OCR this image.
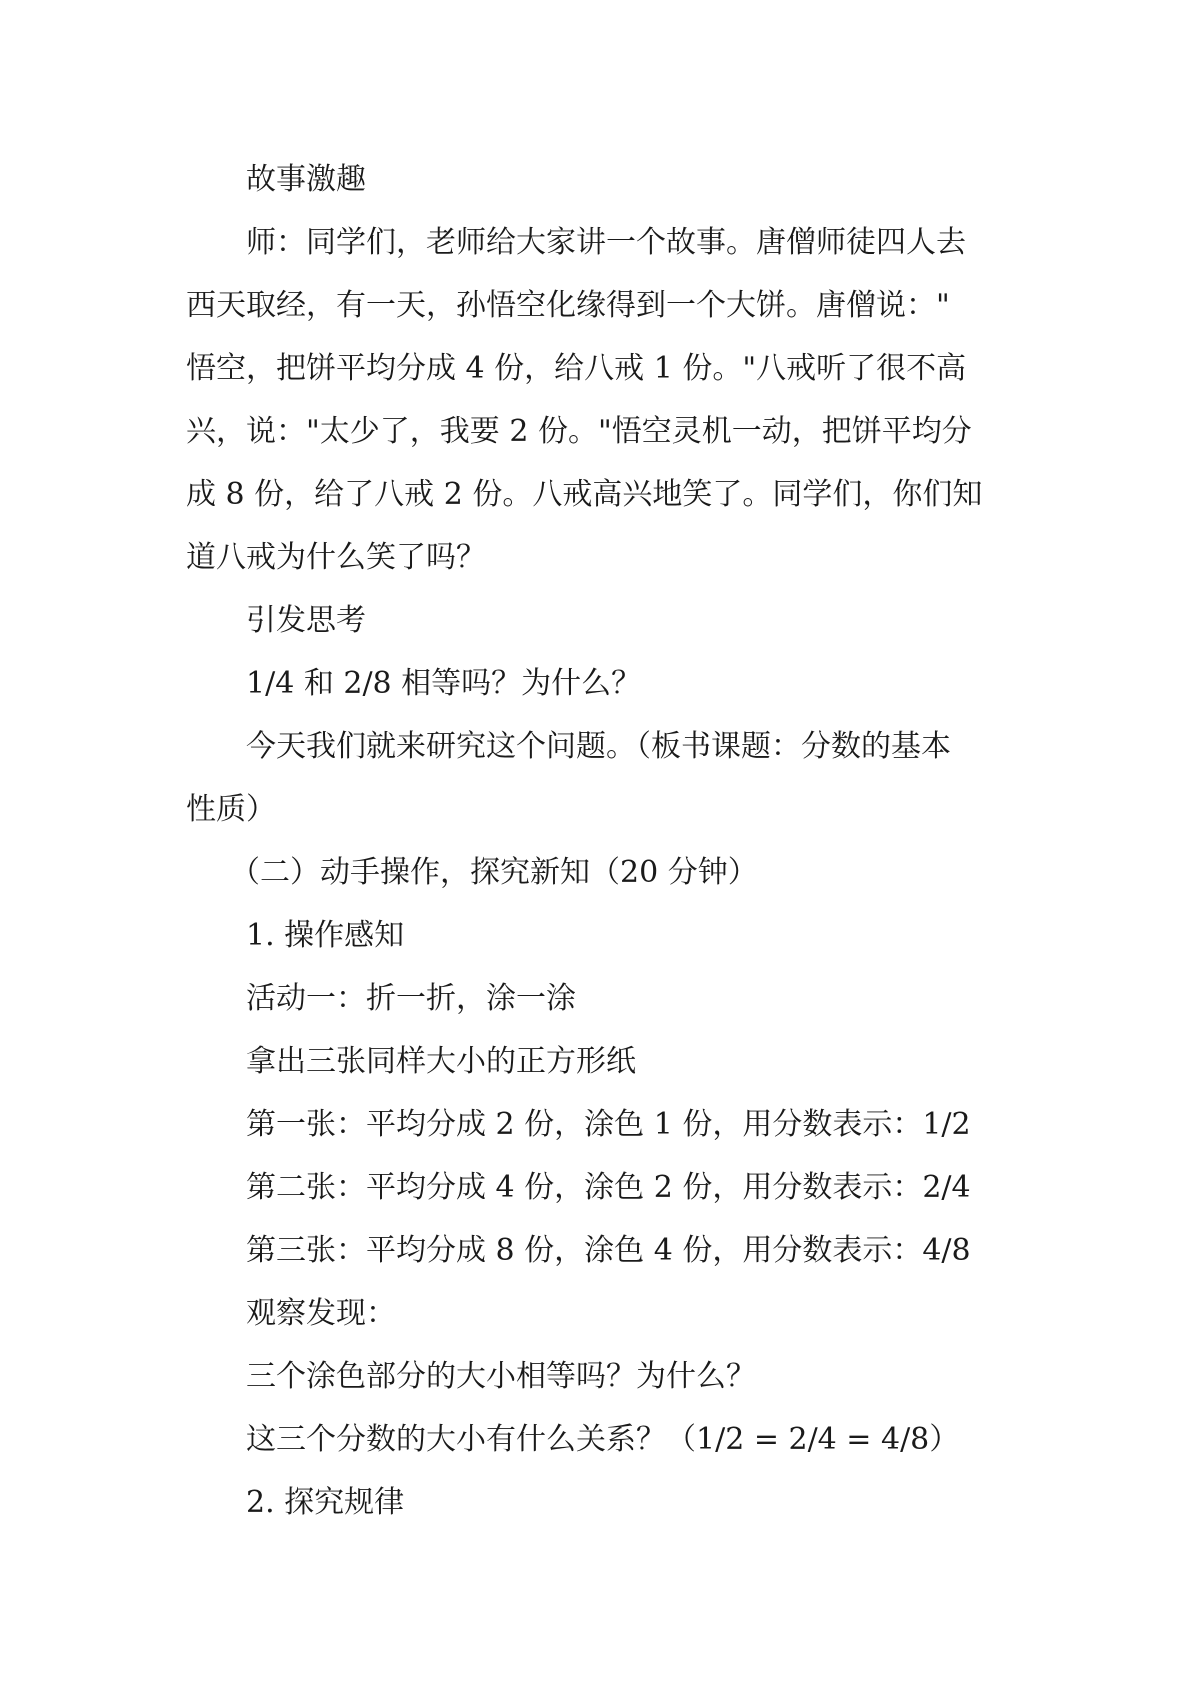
故事激趣
师：同学们，老师给大家讲一个故事。唐僧师徒四人去
西天取经，有一天，孙悟空化缘得到一个大饼。唐僧说："
悟空，把饼平均分成 4 份，给八戒 1 份。"八戒听了很不高
兴，说："太少了，我要 2 份。"悟空灵机一动，把饼平均分
成 8 份，给了八戒 2 份。八戒高兴地笑了。同学们，你们知
道八戒为什么笑了吗？
引发思考
1/4 和 2/8 相等吗？为什么？
今天我们就来研究这个问题。（板书课题：分数的基本
性质）
（二）动手操作，探究新知（20 分钟）
1. 操作感知
活动一：折一折，涂一涂
拿出三张同样大小的正方形纸
第一张：平均分成 2 份，涂色 1 份，用分数表示：1/2
第二张：平均分成 4 份，涂色 2 份，用分数表示：2/4
第三张：平均分成 8 份，涂色 4 份，用分数表示：4/8
观察发现：
三个涂色部分的大小相等吗？为什么？
这三个分数的大小有什么关系？（1/2 = 2/4 = 4/8）
2. 探究规律
